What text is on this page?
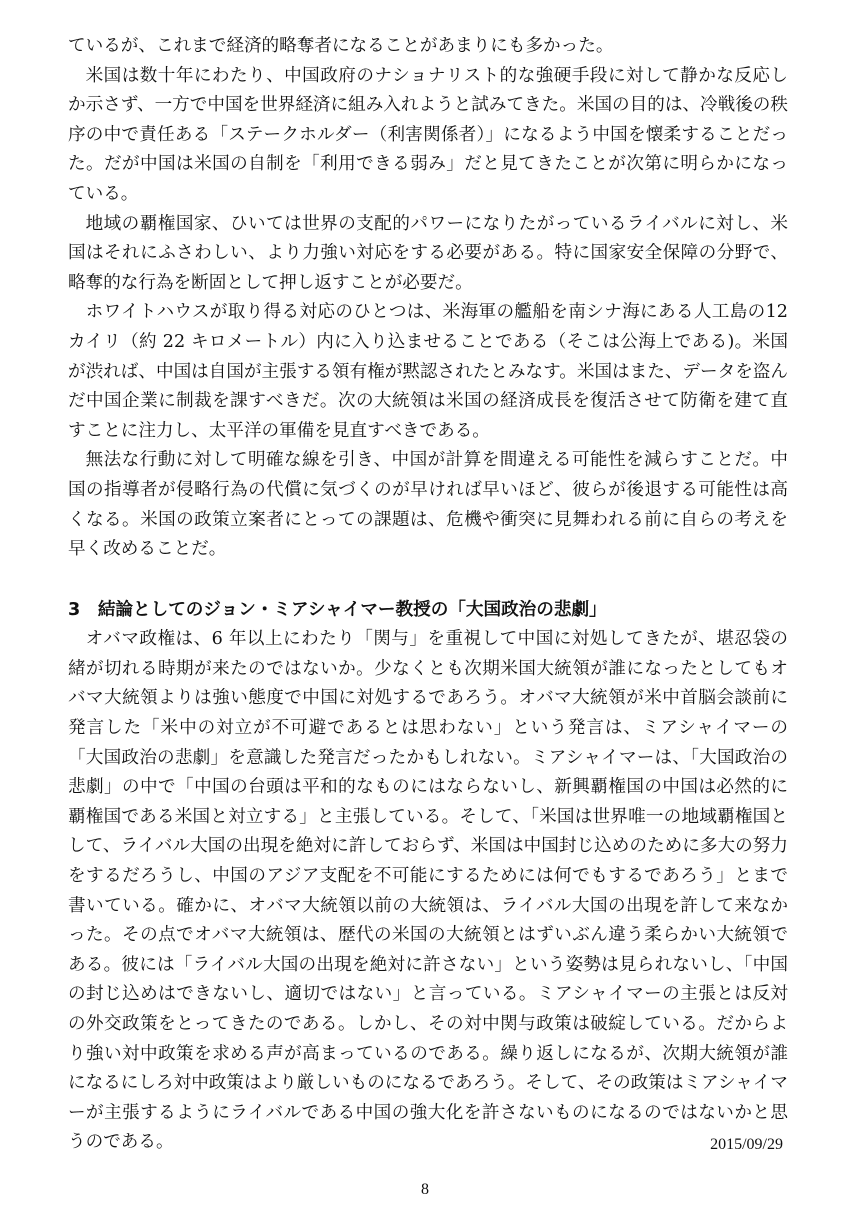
ているが、これまで経済的略奪者になることがあまりにも多かった。

米国は数十年にわたり、中国政府のナショナリスト的な強硬手段に対して静かな反応しか示さず、一方で中国を世界経済に組み入れようと試みてきた。米国の目的は、冷戦後の秩序の中で責任ある「ステークホルダー（利害関係者）」になるよう中国を懐柔することだった。だが中国は米国の自制を「利用できる弱み」だと見てきたことが次第に明らかになっている。

地域の覇権国家、ひいては世界の支配的パワーになりたがっているライバルに対し、米国はそれにふさわしい、より力強い対応をする必要がある。特に国家安全保障の分野で、略奪的な行為を断固として押し返すことが必要だ。

ホワイトハウスが取り得る対応のひとつは、米海軍の艦船を南シナ海にある人工島の12 カイリ（約 22 キロメートル）内に入り込ませることである（そこは公海上である)。米国が渋れば、中国は自国が主張する領有権が黙認されたとみなす。米国はまた、データを盗んだ中国企業に制裁を課すべきだ。次の大統領は米国の経済成長を復活させて防衛を建て直すことに注力し、太平洋の軍備を見直すべきである。

無法な行動に対して明確な線を引き、中国が計算を間違える可能性を減らすことだ。中国の指導者が侵略行為の代償に気づくのが早ければ早いほど、彼らが後退する可能性は高くなる。米国の政策立案者にとっての課題は、危機や衝突に見舞われる前に自らの考えを早く改めることだ。

3　結論としてのジョン・ミアシャイマー教授の「大国政治の悲劇」

オバマ政権は、6 年以上にわたり「関与」を重視して中国に対処してきたが、堪忍袋の緒が切れる時期が来たのではないか。少なくとも次期米国大統領が誰になったとしてもオバマ大統領よりは強い態度で中国に対処するであろう。オバマ大統領が米中首脳会談前に発言した「米中の対立が不可避であるとは思わない」という発言は、ミアシャイマーの「大国政治の悲劇」を意識した発言だったかもしれない。ミアシャイマーは、「大国政治の悲劇」の中で「中国の台頭は平和的なものにはならないし、新興覇権国の中国は必然的に覇権国である米国と対立する」と主張している。そして、「米国は世界唯一の地域覇権国として、ライバル大国の出現を絶対に許しておらず、米国は中国封じ込めのために多大の努力をするだろうし、中国のアジア支配を不可能にするためには何でもするであろう」とまで書いている。確かに、オバマ大統領以前の大統領は、ライバル大国の出現を許して来なかった。その点でオバマ大統領は、歴代の米国の大統領とはずいぶん違う柔らかい大統領である。彼には「ライバル大国の出現を絶対に許さない」という姿勢は見られないし、「中国の封じ込めはできないし、適切ではない」と言っている。ミアシャイマーの主張とは反対の外交政策をとってきたのである。しかし、その対中関与政策は破綻している。だからより強い対中政策を求める声が高まっているのである。繰り返しになるが、次期大統領が誰になるにしろ対中政策はより厳しいものになるであろう。そして、その政策はミアシャイマーが主張するようにライバルである中国の強大化を許さないものになるのではないかと思うのである。	2015/09/29
8
